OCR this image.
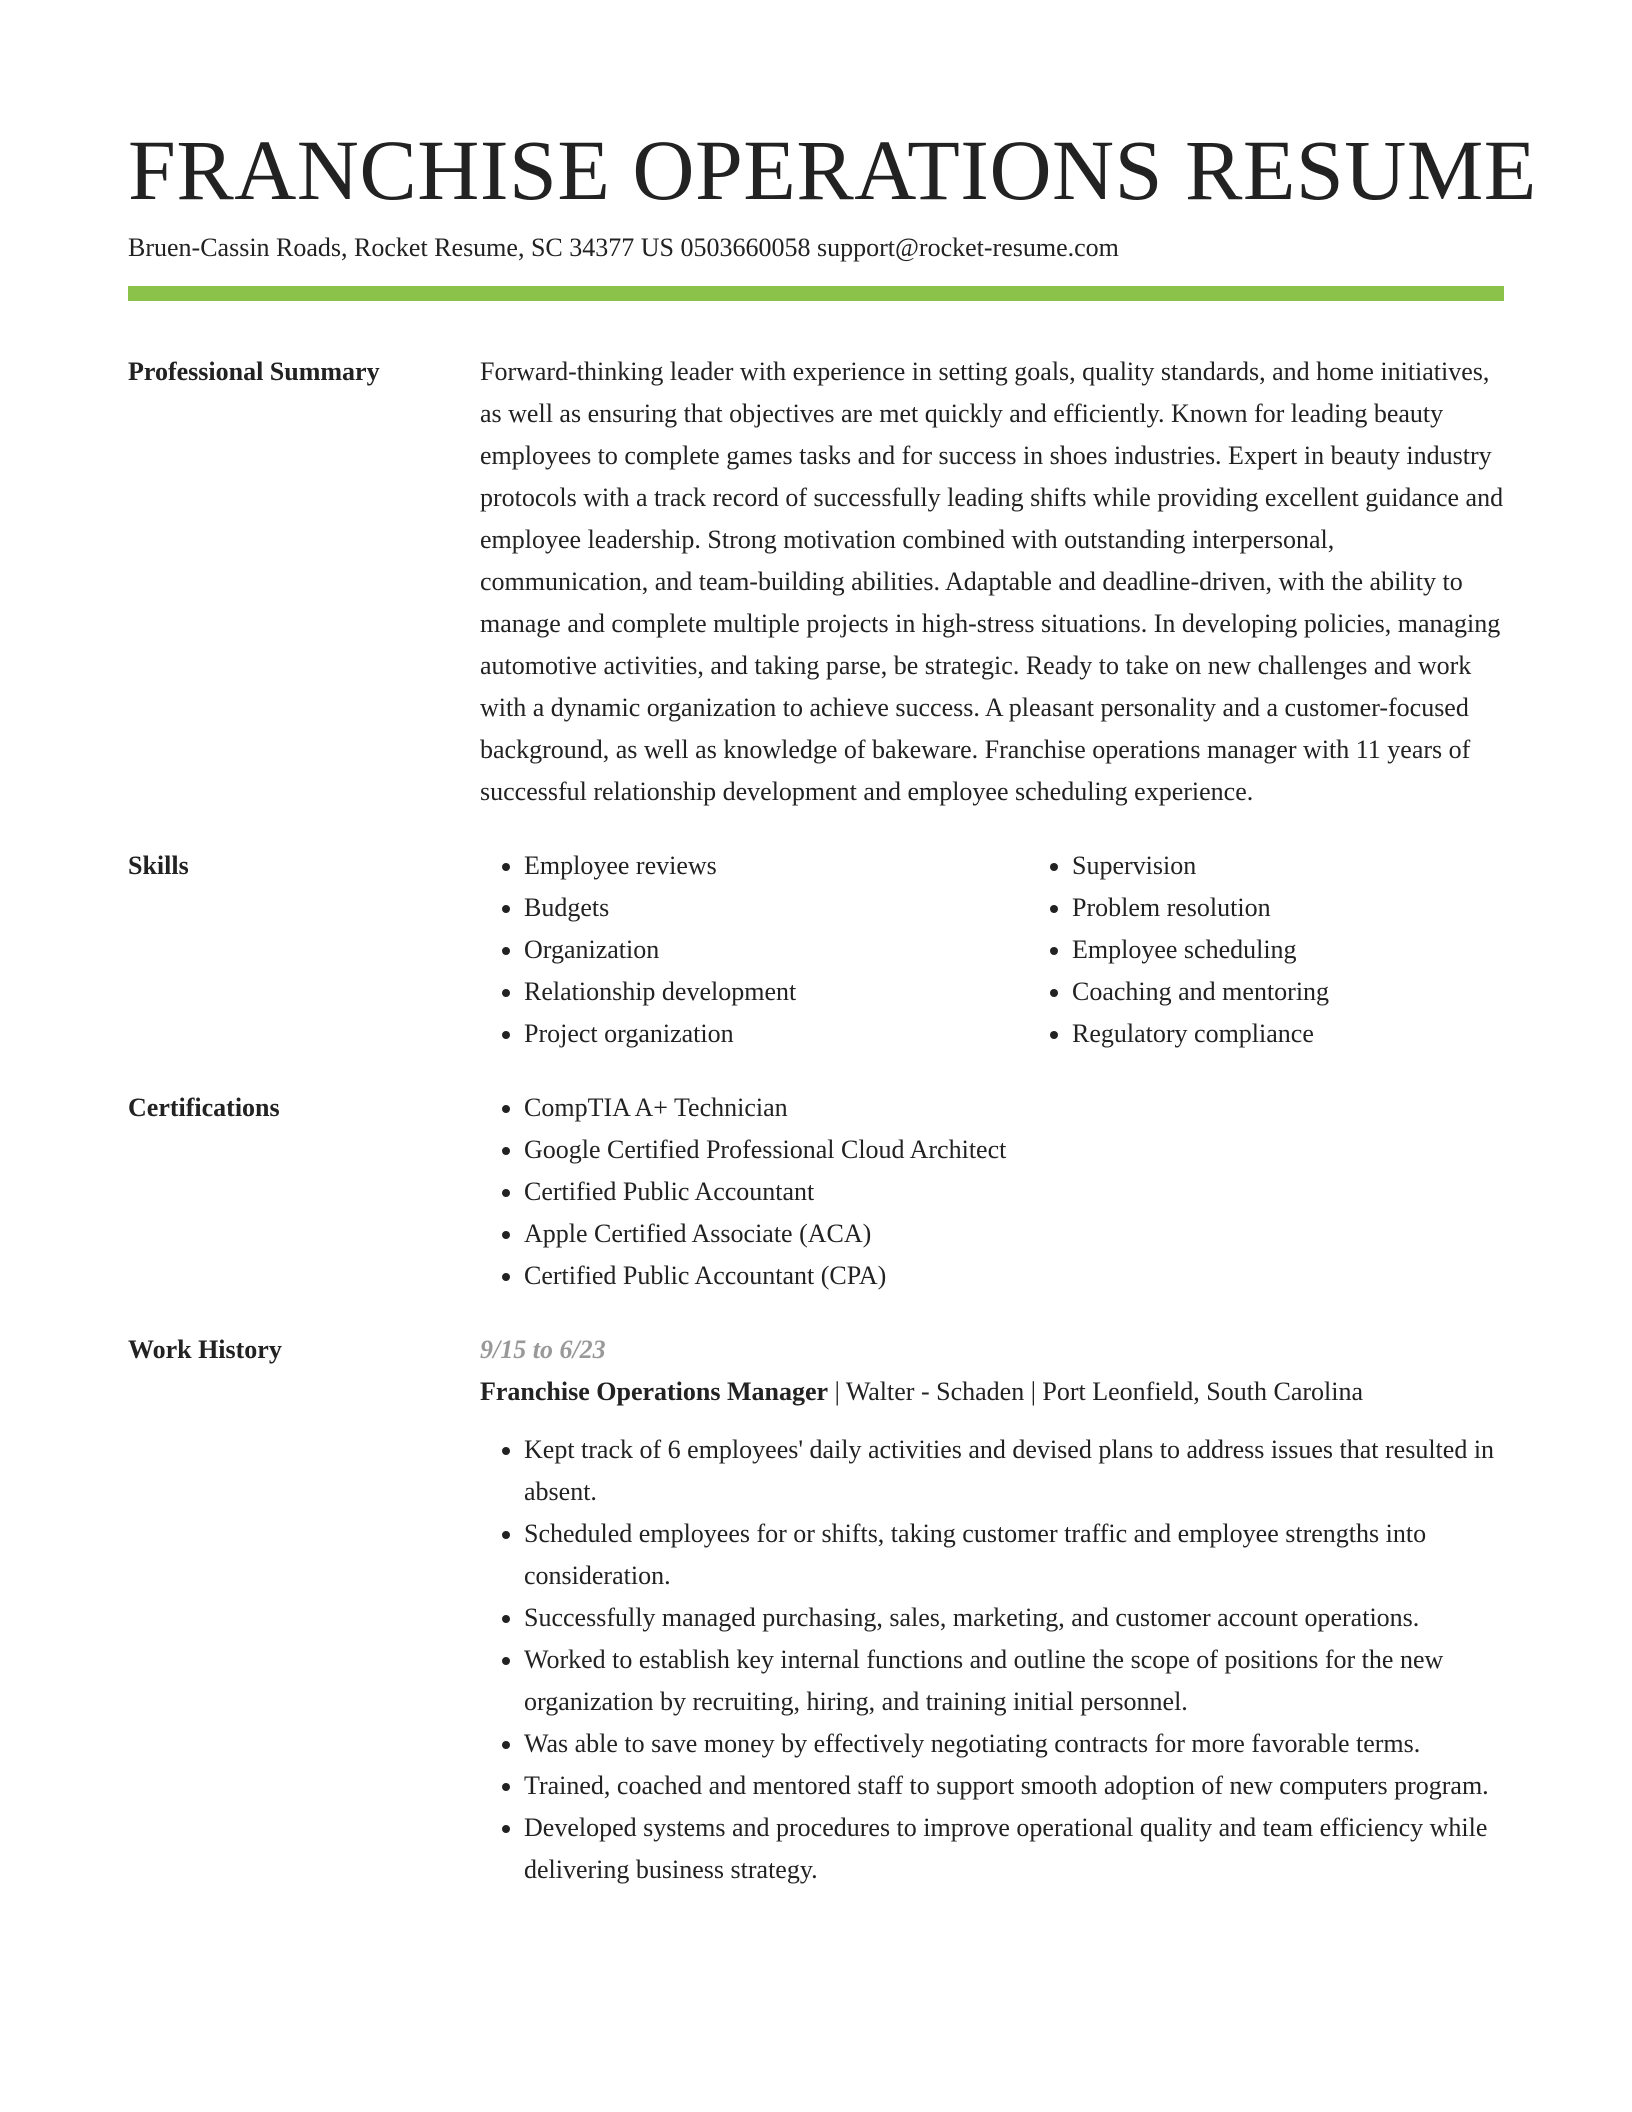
FRANCHISE OPERATIONS RESUME
Bruen-Cassin Roads, Rocket Resume, SC 34377 US 0503660058 support@rocket-resume.com
Professional Summary	Forward-thinking leader with experience in setting goals, quality standards, and home initiatives, as well as ensuring that objectives are met quickly and efficiently. Known for leading beauty employees to complete games tasks and for success in shoes industries. Expert in beauty industry protocols with a track record of successfully leading shifts while providing excellent guidance and employee leadership. Strong motivation combined with outstanding interpersonal, communication, and team-building abilities. Adaptable and deadline-driven, with the ability to manage and complete multiple projects in high-stress situations. In developing policies, managing automotive activities, and taking parse, be strategic. Ready to take on new challenges and work with a dynamic organization to achieve success. A pleasant personality and a customer-focused background, as well as knowledge of bakeware. Franchise operations manager with 11 years of successful relationship development and employee scheduling experience.

Skills	• Employee reviews
• Budgets
• Organization
• Relationship development
• Project organization
• Supervision
• Problem resolution
• Employee scheduling
• Coaching and mentoring
• Regulatory compliance
Certifications	• CompTIA A+ Technician
• Google Certified Professional Cloud Architect
• Certified Public Accountant
• Apple Certified Associate (ACA)
• Certified Public Accountant (CPA)
Work History	9/15 to 6/23
Franchise Operations Manager | Walter - Schaden | Port Leonfield, South Carolina
• Kept track of 6 employees' daily activities and devised plans to address issues that resulted in absent.
• Scheduled employees for or shifts, taking customer traffic and employee strengths into consideration.
• Successfully managed purchasing, sales, marketing, and customer account operations.
• Worked to establish key internal functions and outline the scope of positions for the new organization by recruiting, hiring, and training initial personnel.
• Was able to save money by effectively negotiating contracts for more favorable terms.
• Trained, coached and mentored staff to support smooth adoption of new computers program.
• Developed systems and procedures to improve operational quality and team efficiency while delivering business strategy.
